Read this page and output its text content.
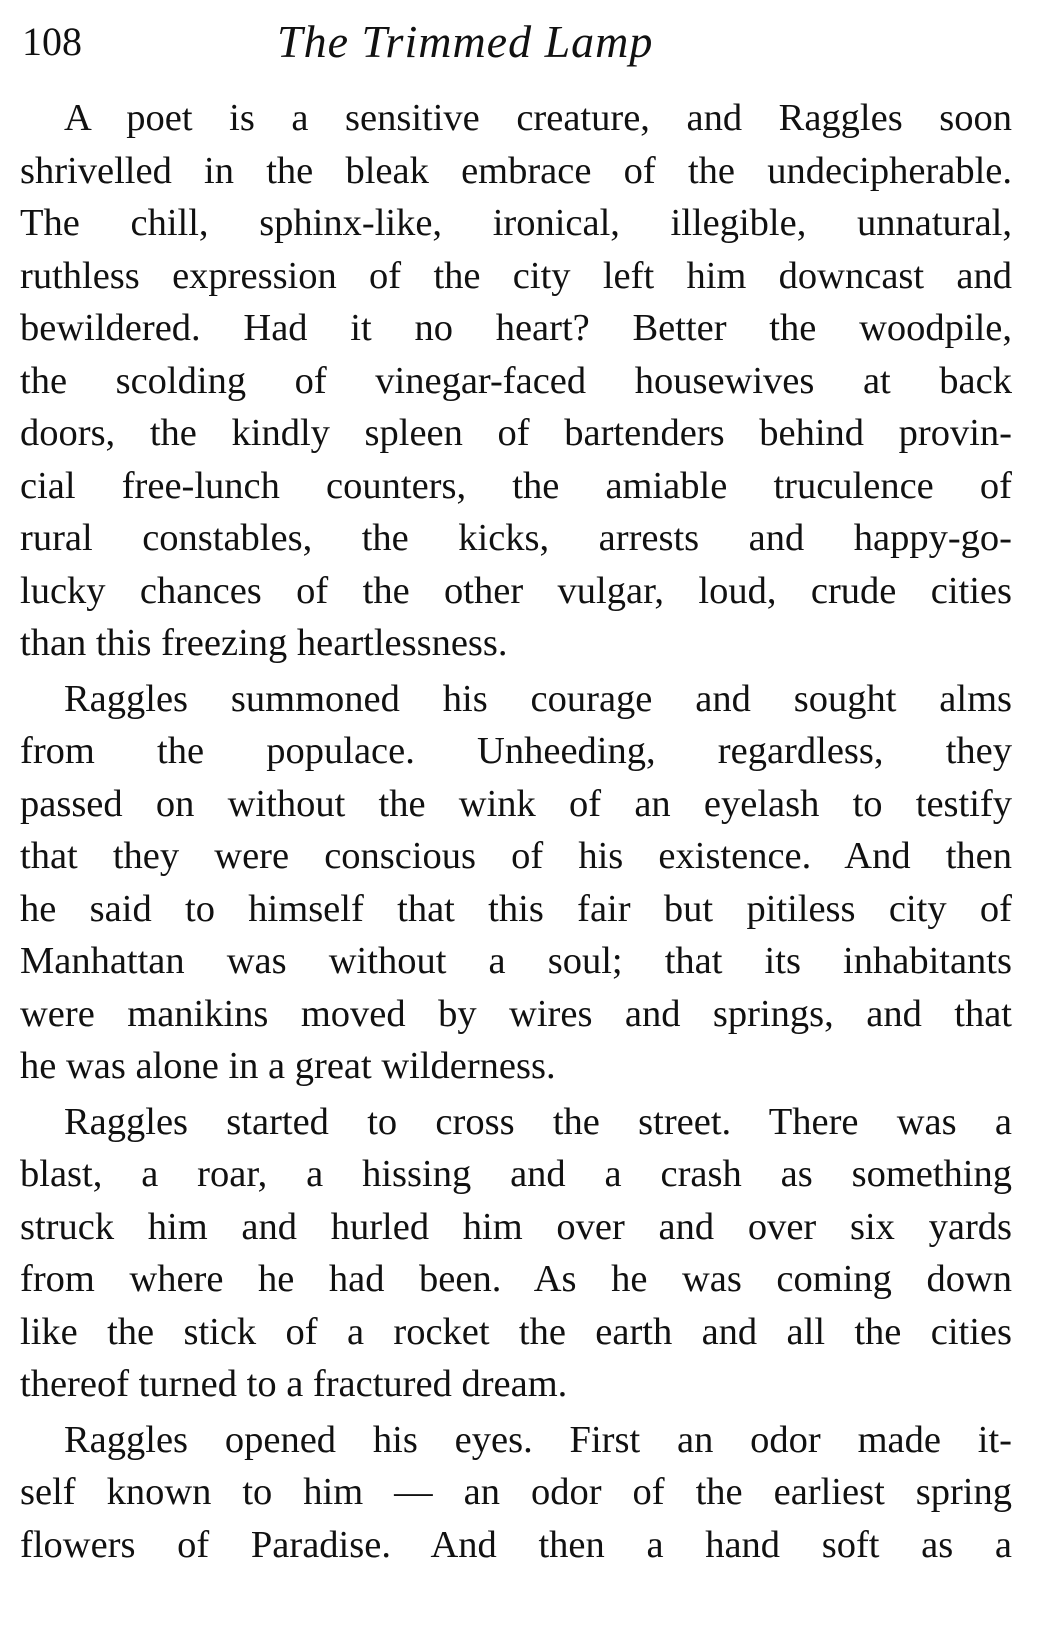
108	The Trimmed Lamp
A poet is a sensitive creature, and Raggles soon
shrivelled in the bleak embrace of the undecipherable.
The chill, sphinx-like, ironical, illegible, unnatural,
ruthless expression of the city left him downcast and
bewildered. Had it no heart? Better the woodpile,
the scolding of vinegar-faced housewives at back
doors, the kindly spleen of bartenders behind provin-
cial free-lunch counters, the amiable truculence of
rural constables, the kicks, arrests and happy-go-
lucky chances of the other vulgar, loud, crude cities
than this freezing heartlessness.
Raggles summoned his courage and sought alms
from the populace. Unheeding, regardless, they
passed on without the wink of an eyelash to testify
that they were conscious of his existence. And then
he said to himself that this fair but pitiless city of
Manhattan was without a soul; that its inhabitants
were manikins moved by wires and springs, and that
he was alone in a great wilderness.
Raggles started to cross the street. There was a
blast, a roar, a hissing and a crash as something
struck him and hurled him over and over six yards
from where he had been. As he was coming down
like the stick of a rocket the earth and all the cities
thereof turned to a fractured dream.
Raggles opened his eyes. First an odor made it-
self known to him — an odor of the earliest spring
flowers of Paradise. And then a hand soft as a
